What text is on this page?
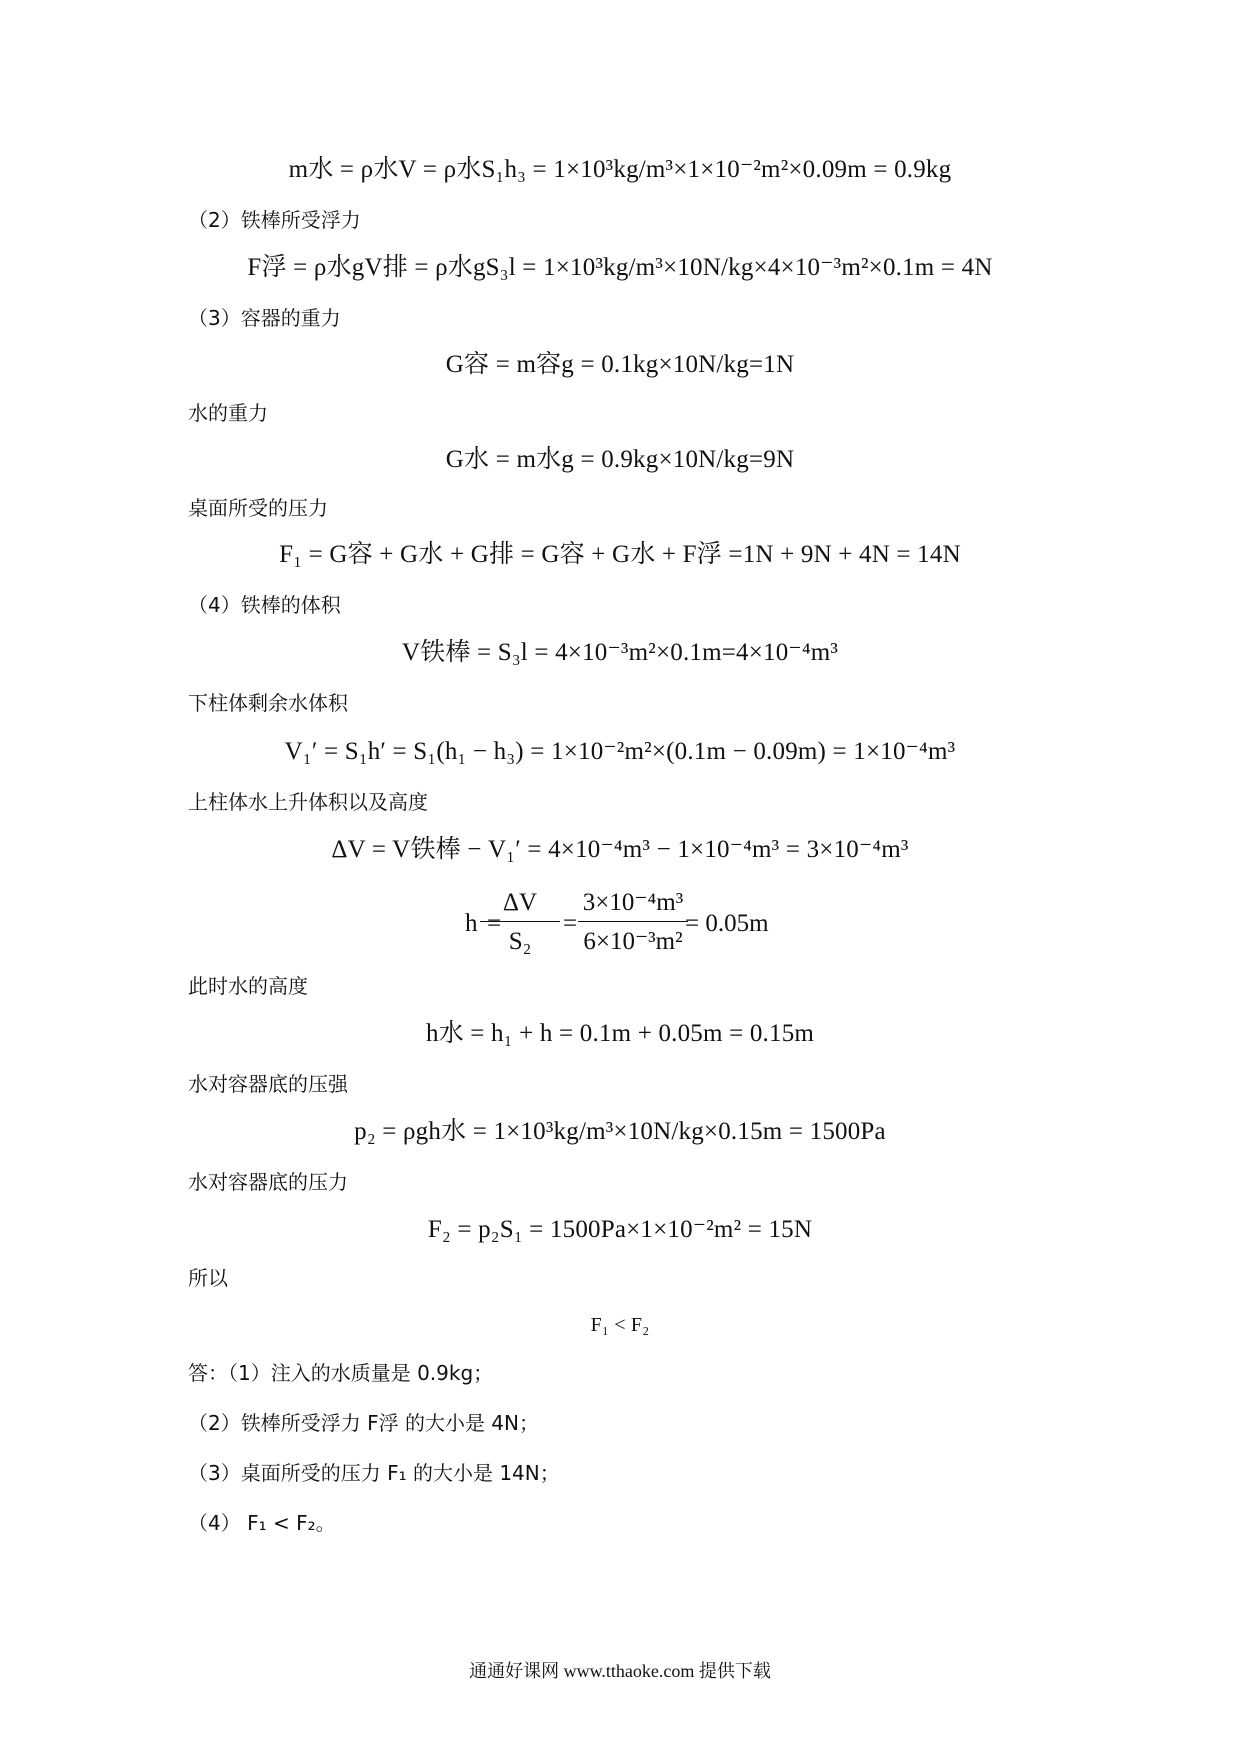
m水 = ρ水V = ρ水S₁h₃ = 1×10³kg/m³×1×10⁻²m²×0.09m = 0.9kg
（2）铁棒所受浮力
F浮 = ρ水gV排 = ρ水gS₃l = 1×10³kg/m³×10N/kg×4×10⁻³m²×0.1m = 4N
（3）容器的重力
G容 = m容g = 0.1kg×10N/kg=1N
水的重力
G水 = m水g = 0.9kg×10N/kg=9N
桌面所受的压力
F₁ = G容 + G水 + G排 = G容 + G水 + F浮 =1N + 9N + 4N = 14N
（4）铁棒的体积
V铁棒 = S₃l = 4×10⁻³m²×0.1m=4×10⁻⁴m³
下柱体剩余水体积
V₁′ = S₁h′ = S₁(h₁ − h₃) = 1×10⁻²m²×(0.1m − 0.09m) = 1×10⁻⁴m³
上柱体水上升体积以及高度
ΔV = V铁棒 − V₁′ = 4×10⁻⁴m³ − 1×10⁻⁴m³ = 3×10⁻⁴m³
h =
$\frac{\Delta V}{\text{S₂}} = \frac{\text{3×10⁻⁴m³}}{\text{6×10⁻³m²}}$
= 0.05m
此时水的高度
h水 = h₁ + h = 0.1m + 0.05m = 0.15m
水对容器底的压强
p₂ = ρgh水 = 1×10³kg/m³×10N/kg×0.15m = 1500Pa
水对容器底的压力
F₂ = p₂S₁ = 1500Pa×1×10⁻²m² = 15N
所以
F₁ < F₂
答：（1）注入的水质量是 0.9kg；
（2）铁棒所受浮力 F浮 的大小是 4N；
（3）桌面所受的压力 F₁ 的大小是 14N；
（4） F₁ < F₂。
通通好课网 www.tthaoke.com 提供下载
